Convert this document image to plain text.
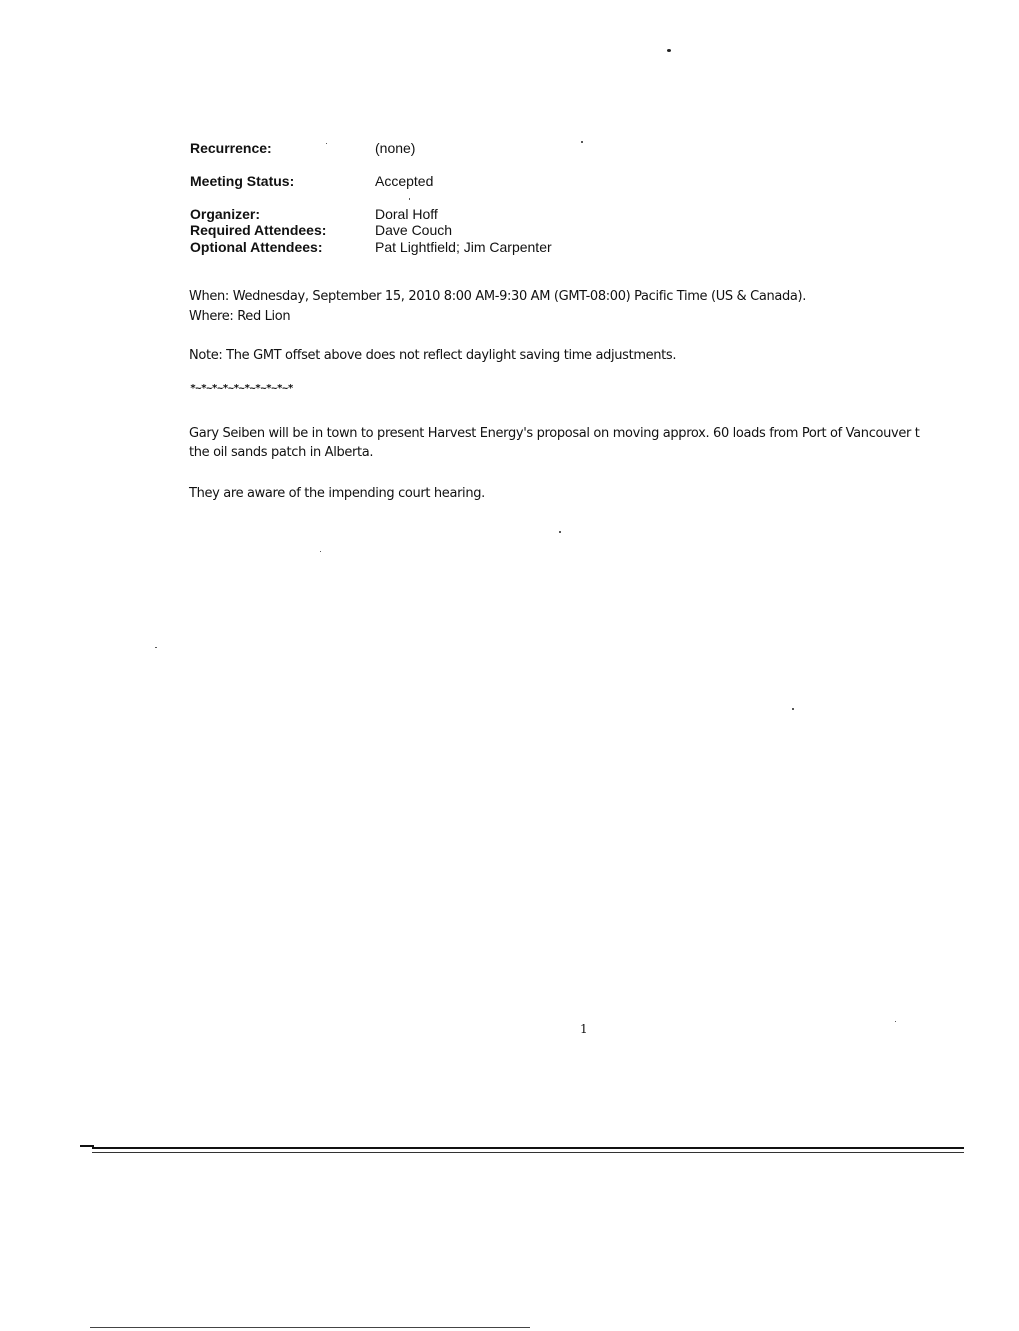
Recurrence:	(none)
Meeting Status:	Accepted
Organizer:	Doral Hoff
Required Attendees:	Dave Couch
Optional Attendees:	Pat Lightfield; Jim Carpenter
When: Wednesday, September 15, 2010 8:00 AM-9:30 AM (GMT-08:00) Pacific Time (US & Canada).
Where: Red Lion
Note: The GMT offset above does not reflect daylight saving time adjustments.
*~*~*~*~*~*~*~*~*~*
Gary Seiben will be in town to present Harvest Energy's proposal on moving approx. 60 loads from Port of Vancouver t
the oil sands patch in Alberta.
They are aware of the impending court hearing.
1
